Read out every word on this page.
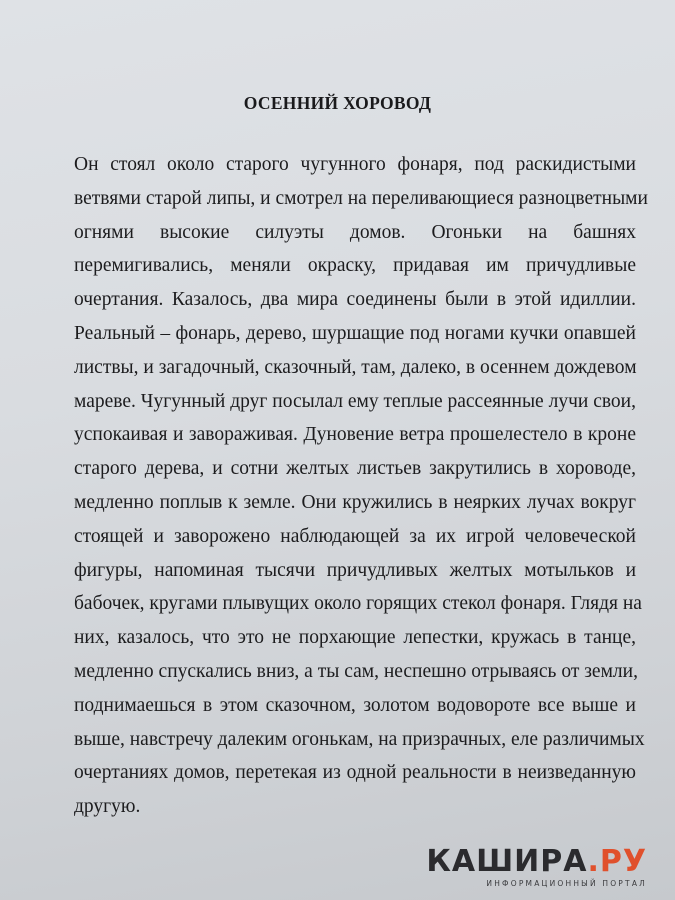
ОСЕННИЙ ХОРОВОД
Он стоял около старого чугунного фонаря, под раскидистыми
ветвями старой липы, и смотрел на переливающиеся разноцветными
огнями высокие силуэты домов. Огоньки на башнях
перемигивались, меняли окраску, придавая им причудливые
очертания. Казалось, два мира соединены были в этой идиллии.
Реальный – фонарь, дерево, шуршащие под ногами кучки опавшей
листвы, и загадочный, сказочный, там, далеко, в осеннем дождевом
мареве. Чугунный друг посылал ему теплые рассеянные лучи свои,
успокаивая и завораживая. Дуновение ветра прошелестело в кроне
старого дерева, и сотни желтых листьев закрутились в хороводе,
медленно поплыв к земле. Они кружились в неярких лучах вокруг
стоящей и заворожено наблюдающей за их игрой человеческой
фигуры, напоминая тысячи причудливых желтых мотыльков и
бабочек, кругами плывущих около горящих стекол фонаря. Глядя на
них, казалось, что это не порхающие лепестки, кружась в танце,
медленно спускались вниз, а ты сам, неспешно отрываясь от земли,
поднимаешься в этом сказочном, золотом водовороте все выше и
выше, навстречу далеким огонькам, на призрачных, еле различимых
очертаниях домов, перетекая из одной реальности в неизведанную
другую.
КАШИРА.РУ
ИНФОРМАЦИОННЫЙ ПОРТАЛ
